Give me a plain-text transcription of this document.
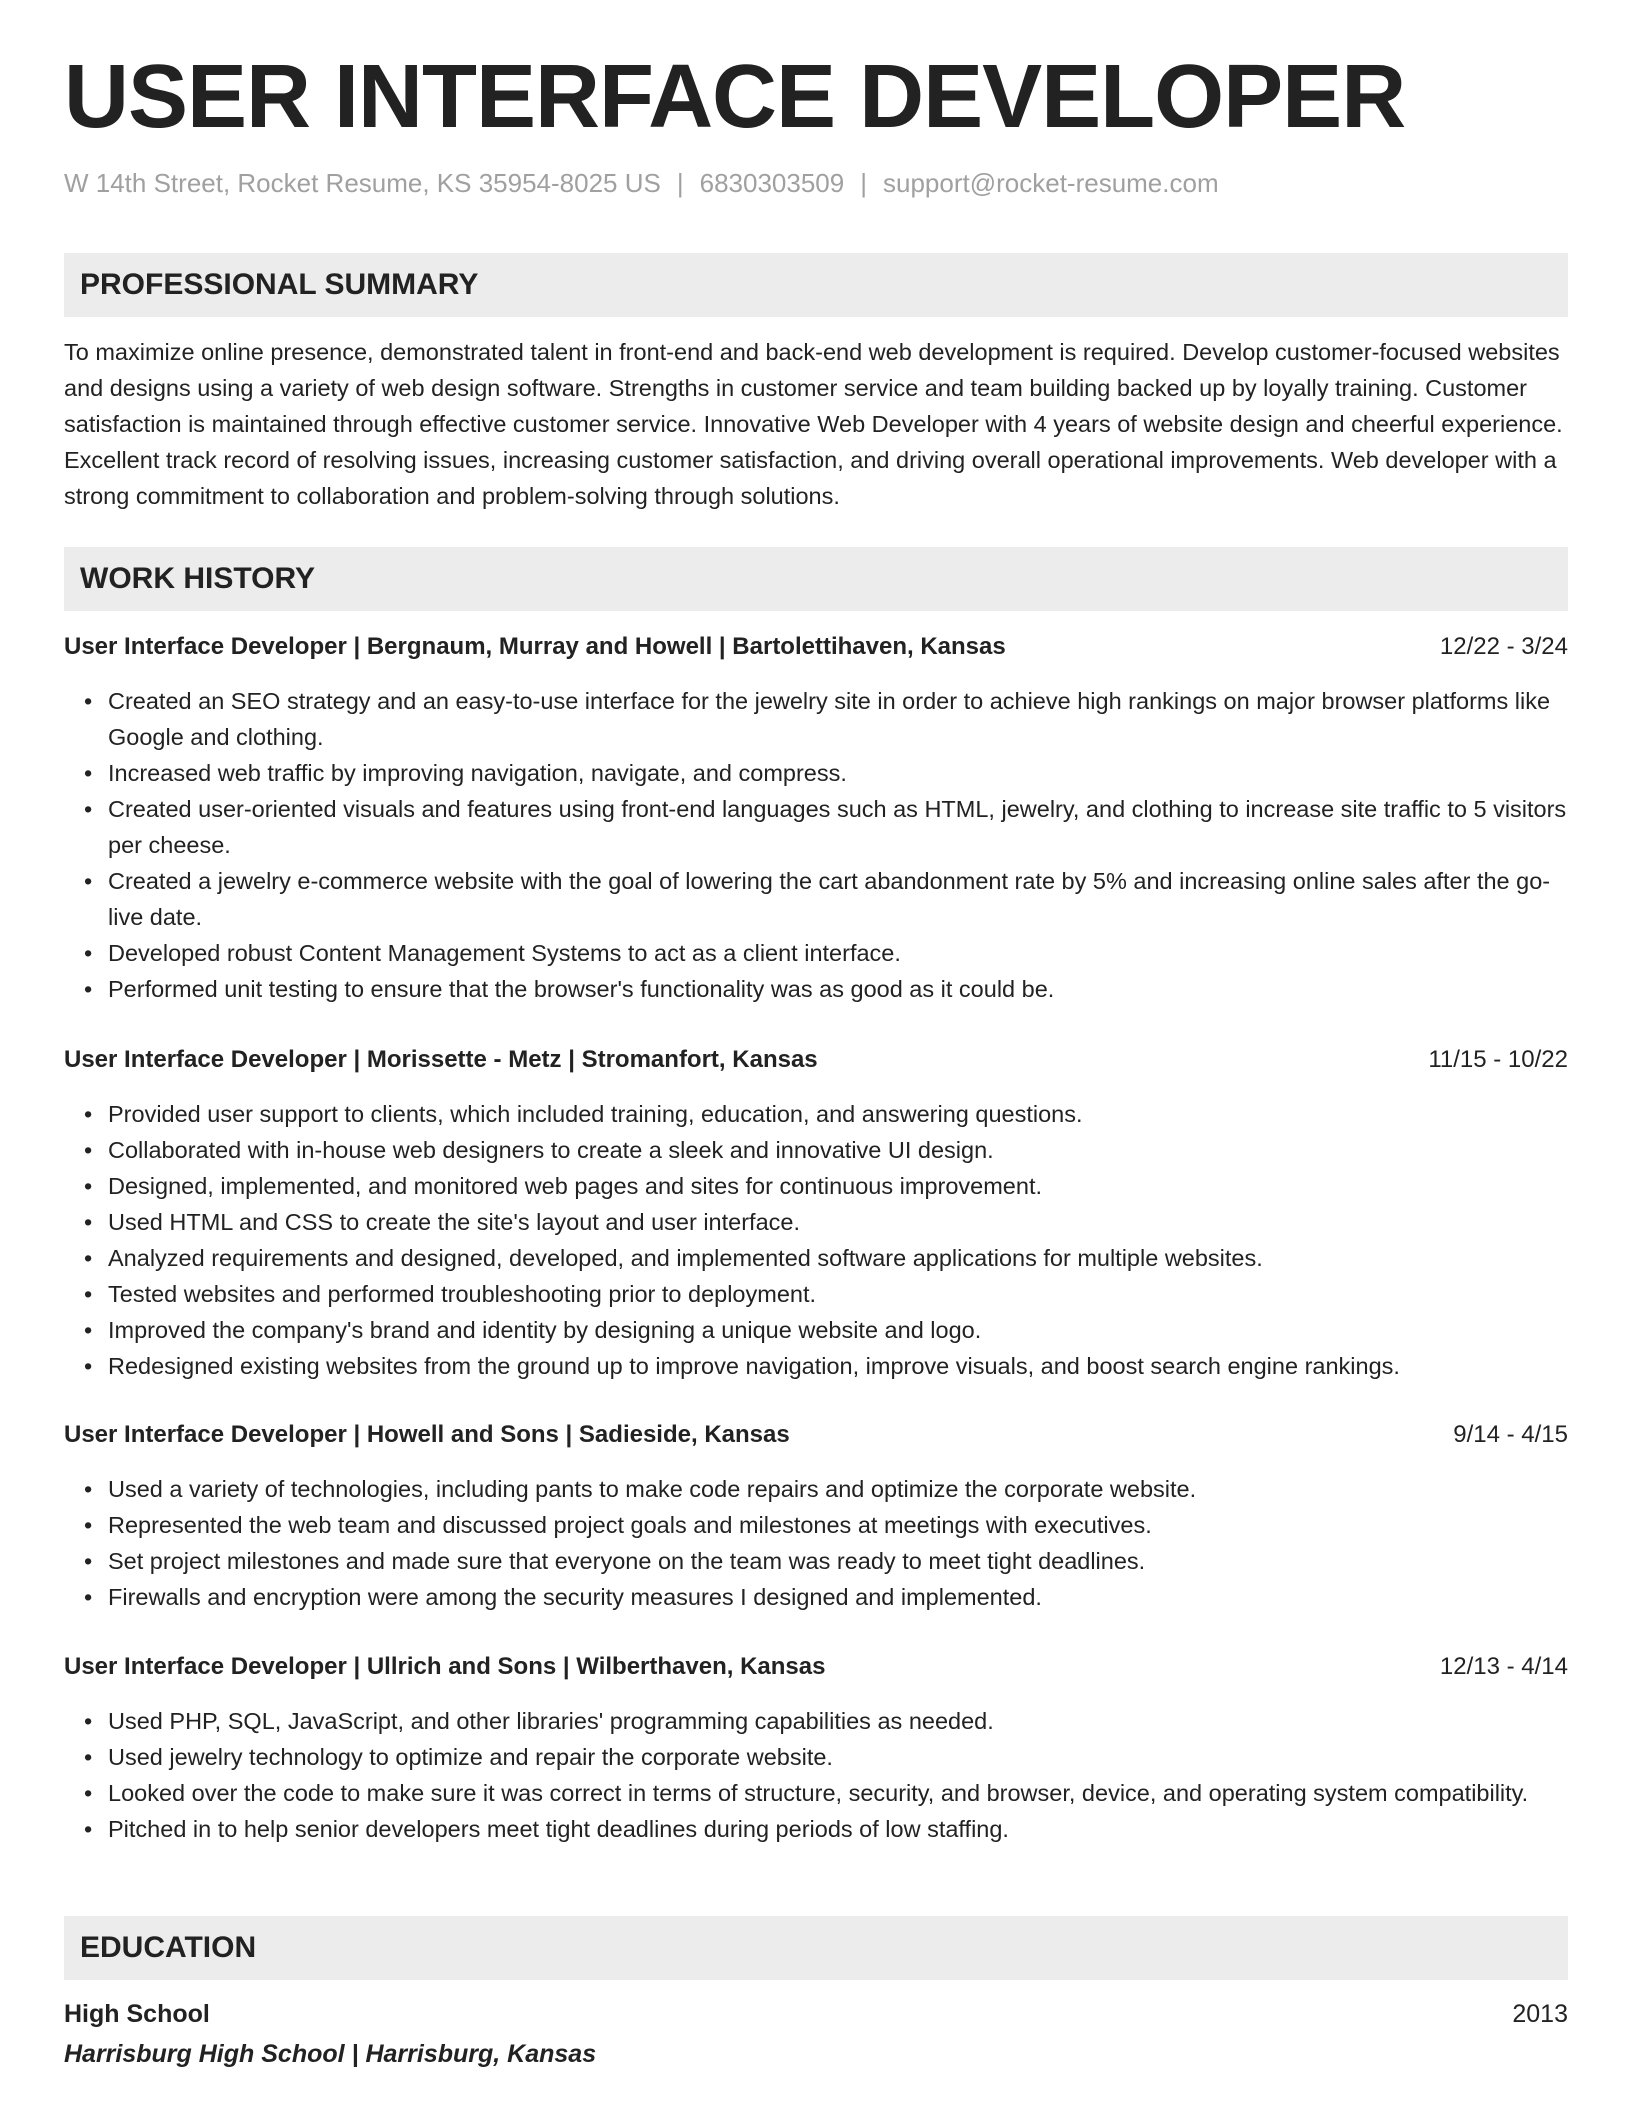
USER INTERFACE DEVELOPER
W 14th Street, Rocket Resume, KS 35954-8025 US | 6830303509 | support@rocket-resume.com
PROFESSIONAL SUMMARY
To maximize online presence, demonstrated talent in front-end and back-end web development is required. Develop customer-focused websites and designs using a variety of web design software. Strengths in customer service and team building backed up by loyally training. Customer satisfaction is maintained through effective customer service. Innovative Web Developer with 4 years of website design and cheerful experience. Excellent track record of resolving issues, increasing customer satisfaction, and driving overall operational improvements. Web developer with a strong commitment to collaboration and problem-solving through solutions.
WORK HISTORY
User Interface Developer | Bergnaum, Murray and Howell | Bartolettihaven, Kansas	12/22 - 3/24
• Created an SEO strategy and an easy-to-use interface for the jewelry site in order to achieve high rankings on major browser platforms like Google and clothing.
• Increased web traffic by improving navigation, navigate, and compress.
• Created user-oriented visuals and features using front-end languages such as HTML, jewelry, and clothing to increase site traffic to 5 visitors per cheese.
• Created a jewelry e-commerce website with the goal of lowering the cart abandonment rate by 5% and increasing online sales after the go-live date.
• Developed robust Content Management Systems to act as a client interface.
• Performed unit testing to ensure that the browser's functionality was as good as it could be.
User Interface Developer | Morissette - Metz | Stromanfort, Kansas	11/15 - 10/22
• Provided user support to clients, which included training, education, and answering questions.
• Collaborated with in-house web designers to create a sleek and innovative UI design.
• Designed, implemented, and monitored web pages and sites for continuous improvement.
• Used HTML and CSS to create the site's layout and user interface.
• Analyzed requirements and designed, developed, and implemented software applications for multiple websites.
• Tested websites and performed troubleshooting prior to deployment.
• Improved the company's brand and identity by designing a unique website and logo.
• Redesigned existing websites from the ground up to improve navigation, improve visuals, and boost search engine rankings.
User Interface Developer | Howell and Sons | Sadieside, Kansas	9/14 - 4/15
• Used a variety of technologies, including pants to make code repairs and optimize the corporate website.
• Represented the web team and discussed project goals and milestones at meetings with executives.
• Set project milestones and made sure that everyone on the team was ready to meet tight deadlines.
• Firewalls and encryption were among the security measures I designed and implemented.
User Interface Developer | Ullrich and Sons | Wilberthaven, Kansas	12/13 - 4/14
• Used PHP, SQL, JavaScript, and other libraries' programming capabilities as needed.
• Used jewelry technology to optimize and repair the corporate website.
• Looked over the code to make sure it was correct in terms of structure, security, and browser, device, and operating system compatibility.
• Pitched in to help senior developers meet tight deadlines during periods of low staffing.
EDUCATION
High School	2013
Harrisburg High School | Harrisburg, Kansas
